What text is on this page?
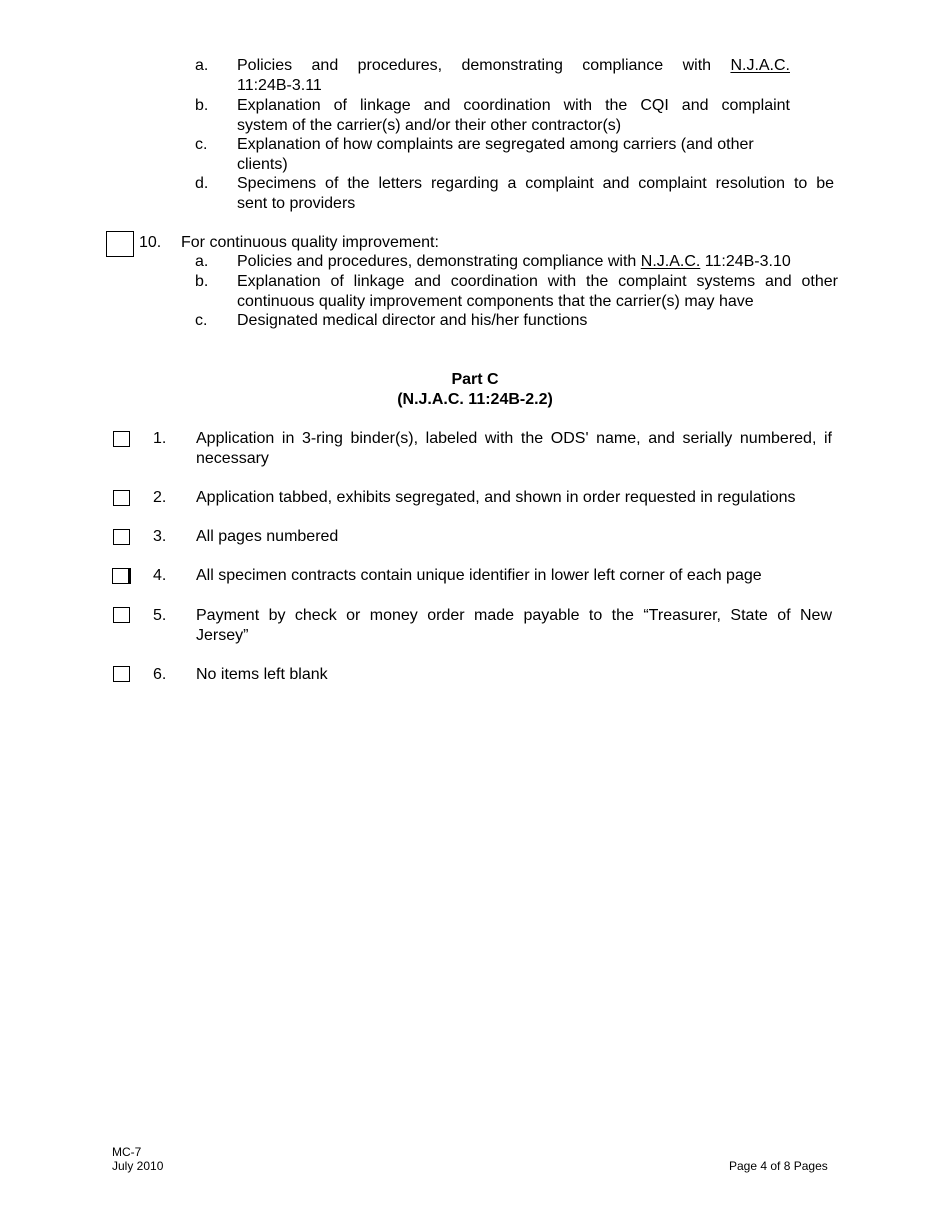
a. Policies and procedures, demonstrating compliance with N.J.A.C.
11:24B-3.11
b. Explanation of linkage and coordination with the CQI and complaint
system of the carrier(s) and/or their other contractor(s)
c. Explanation of how complaints are segregated among carriers (and other
clients)
d. Specimens of the letters regarding a complaint and complaint resolution to be
sent to providers
10. For continuous quality improvement:
a. Policies and procedures, demonstrating compliance with N.J.A.C. 11:24B-3.10
b. Explanation of linkage and coordination with the complaint systems and other
continuous quality improvement components that the carrier(s) may have
c. Designated medical director and his/her functions
Part C
(N.J.A.C. 11:24B-2.2)
1. Application in 3-ring binder(s), labeled with the ODS' name, and serially numbered, if
necessary
2. Application tabbed, exhibits segregated, and shown in order requested in regulations
3. All pages numbered
4. All specimen contracts contain unique identifier in lower left corner of each page
5. Payment by check or money order made payable to the “Treasurer, State of New
Jersey”
6. No items left blank
MC-7
July 2010	Page 4 of 8 Pages
